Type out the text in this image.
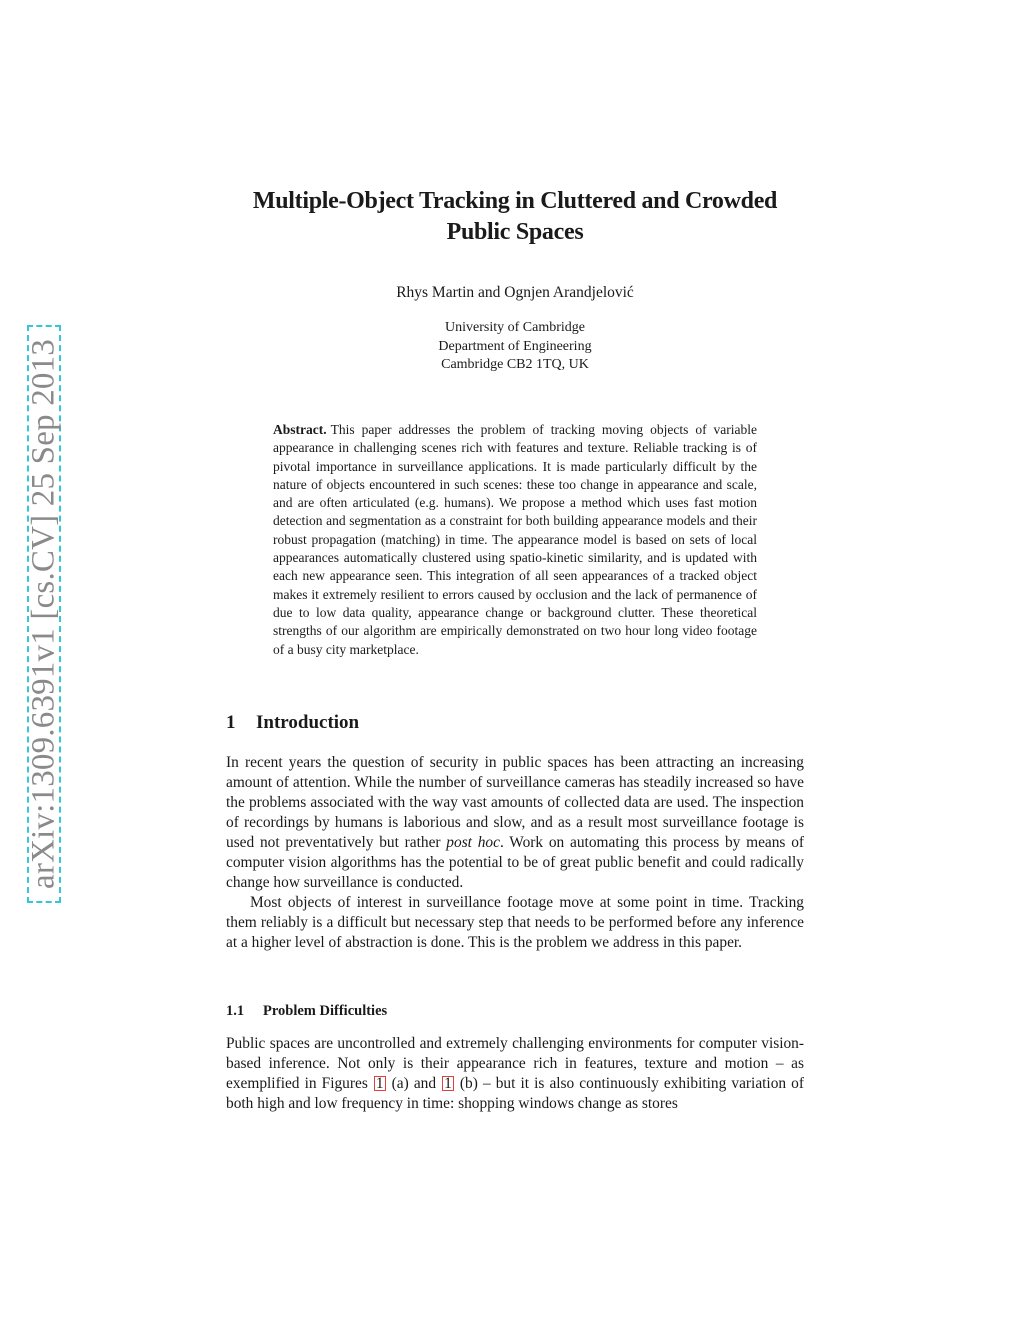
arXiv:1309.6391v1 [cs.CV] 25 Sep 2013
Multiple-Object Tracking in Cluttered and Crowded Public Spaces
Rhys Martin and Ognjen Arandjelović
University of Cambridge
Department of Engineering
Cambridge CB2 1TQ, UK

Abstract. This paper addresses the problem of tracking moving objects of variable appearance in challenging scenes rich with features and texture. Reliable tracking is of pivotal importance in surveillance applications. It is made particularly difficult by the nature of objects encountered in such scenes: these too change in appearance and scale, and are often articulated (e.g. humans). We propose a method which uses fast motion detection and segmentation as a constraint for both building appearance models and their robust propagation (matching) in time. The appearance model is based on sets of local appearances automatically clustered using spatio-kinetic similarity, and is updated with each new appearance seen. This integration of all seen appearances of a tracked object makes it extremely resilient to errors caused by occlusion and the lack of permanence of due to low data quality, appearance change or background clutter. These theoretical strengths of our algorithm are empirically demonstrated on two hour long video footage of a busy city marketplace.

1 Introduction

In recent years the question of security in public spaces has been attracting an increasing amount of attention. While the number of surveillance cameras has steadily increased so have the problems associated with the way vast amounts of collected data are used. The inspection of recordings by humans is laborious and slow, and as a result most surveillance footage is used not preventatively but rather post hoc. Work on automating this process by means of computer vision algorithms has the potential to be of great public benefit and could radically change how surveillance is conducted.

Most objects of interest in surveillance footage move at some point in time. Tracking them reliably is a difficult but necessary step that needs to be performed before any inference at a higher level of abstraction is done. This is the problem we address in this paper.

1.1 Problem Difficulties

Public spaces are uncontrolled and extremely challenging environments for computer vision-based inference. Not only is their appearance rich in features, texture and motion – as exemplified in Figures 1 (a) and 1 (b) – but it is also continuously exhibiting variation of both high and low frequency in time: shopping windows change as stores
